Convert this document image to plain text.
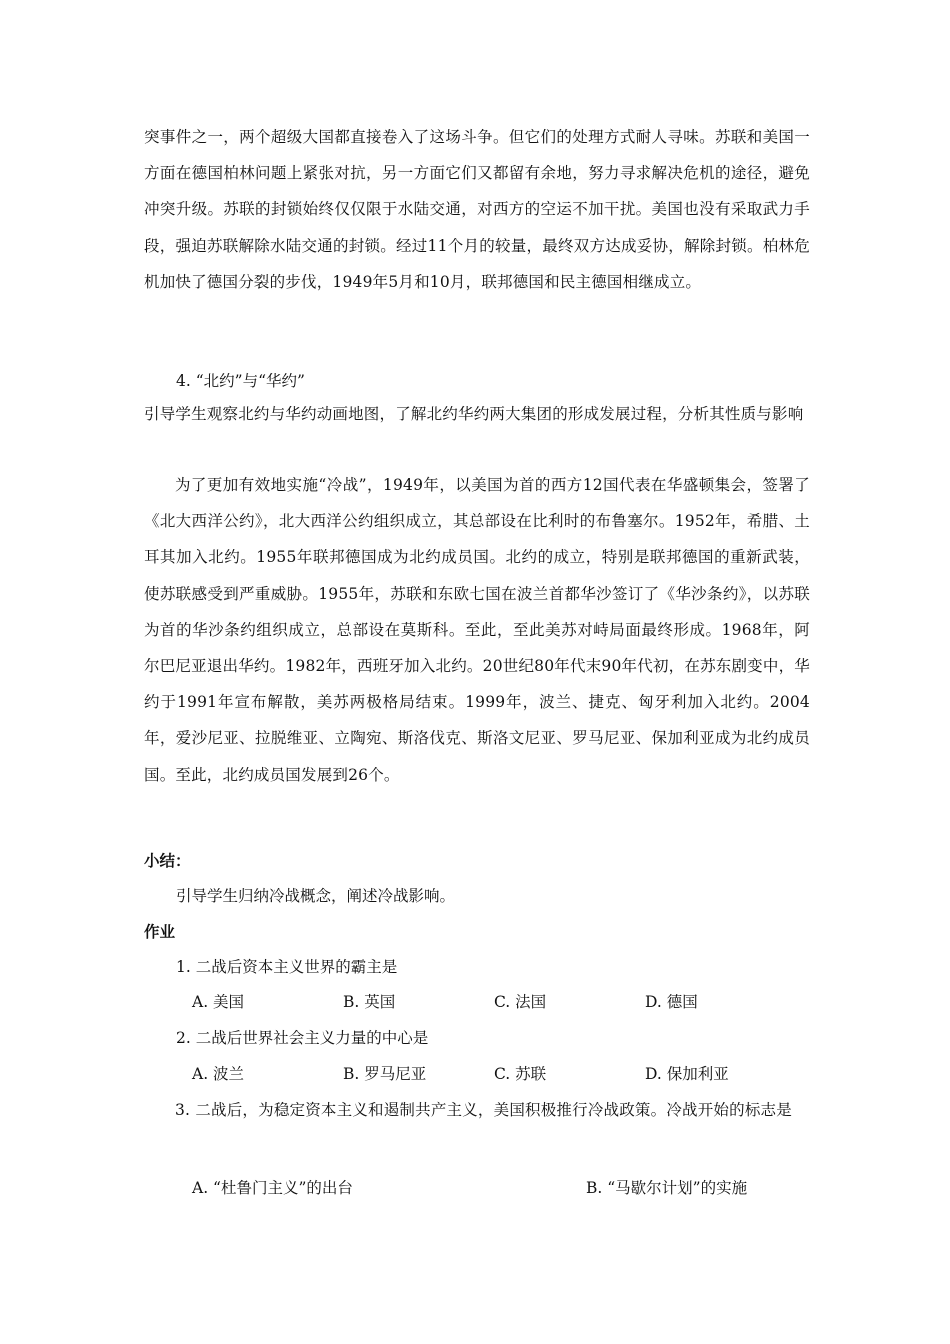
突事件之一，两个超级大国都直接卷入了这场斗争。但它们的处理方式耐人寻味。苏联和美国一方面在德国柏林问题上紧张对抗，另一方面它们又都留有余地，努力寻求解决危机的途径，避免冲突升级。苏联的封锁始终仅仅限于水陆交通，对西方的空运不加干扰。美国也没有采取武力手段，强迫苏联解除水陆交通的封锁。经过11个月的较量，最终双方达成妥协，解除封锁。柏林危机加快了德国分裂的步伐，1949年5月和10月，联邦德国和民主德国相继成立。

4. “北约”与“华约”

引导学生观察北约与华约动画地图，了解北约华约两大集团的形成发展过程，分析其性质与影响

为了更加有效地实施“冷战”，1949年，以美国为首的西方12国代表在华盛顿集会，签署了《北大西洋公约》，北大西洋公约组织成立，其总部设在比利时的布鲁塞尔。1952年，希腊、土耳其加入北约。1955年联邦德国成为北约成员国。北约的成立，特别是联邦德国的重新武装，使苏联感受到严重威胁。1955年，苏联和东欧七国在波兰首都华沙签订了《华沙条约》，以苏联为首的华沙条约组织成立，总部设在莫斯科。至此，至此美苏对峙局面最终形成。1968年，阿尔巴尼亚退出华约。1982年，西班牙加入北约。20世纪80年代末90年代初，在苏东剧变中，华约于1991年宣布解散，美苏两极格局结束。1999年，波兰、捷克、匈牙利加入北约。2004年，爱沙尼亚、拉脱维亚、立陶宛、斯洛伐克、斯洛文尼亚、罗马尼亚、保加利亚成为北约成员国。至此，北约成员国发展到26个。

小结：

引导学生归纳冷战概念，阐述冷战影响。

作业

1. 二战后资本主义世界的霸主是

A. 美国	B. 英国	C. 法国	D. 德国

2. 二战后世界社会主义力量的中心是

A. 波兰	B. 罗马尼亚	C. 苏联	D. 保加利亚

3. 二战后，为稳定资本主义和遏制共产主义，美国积极推行冷战政策。冷战开始的标志是

A. “杜鲁门主义”的出台	B. “马歇尔计划”的实施
